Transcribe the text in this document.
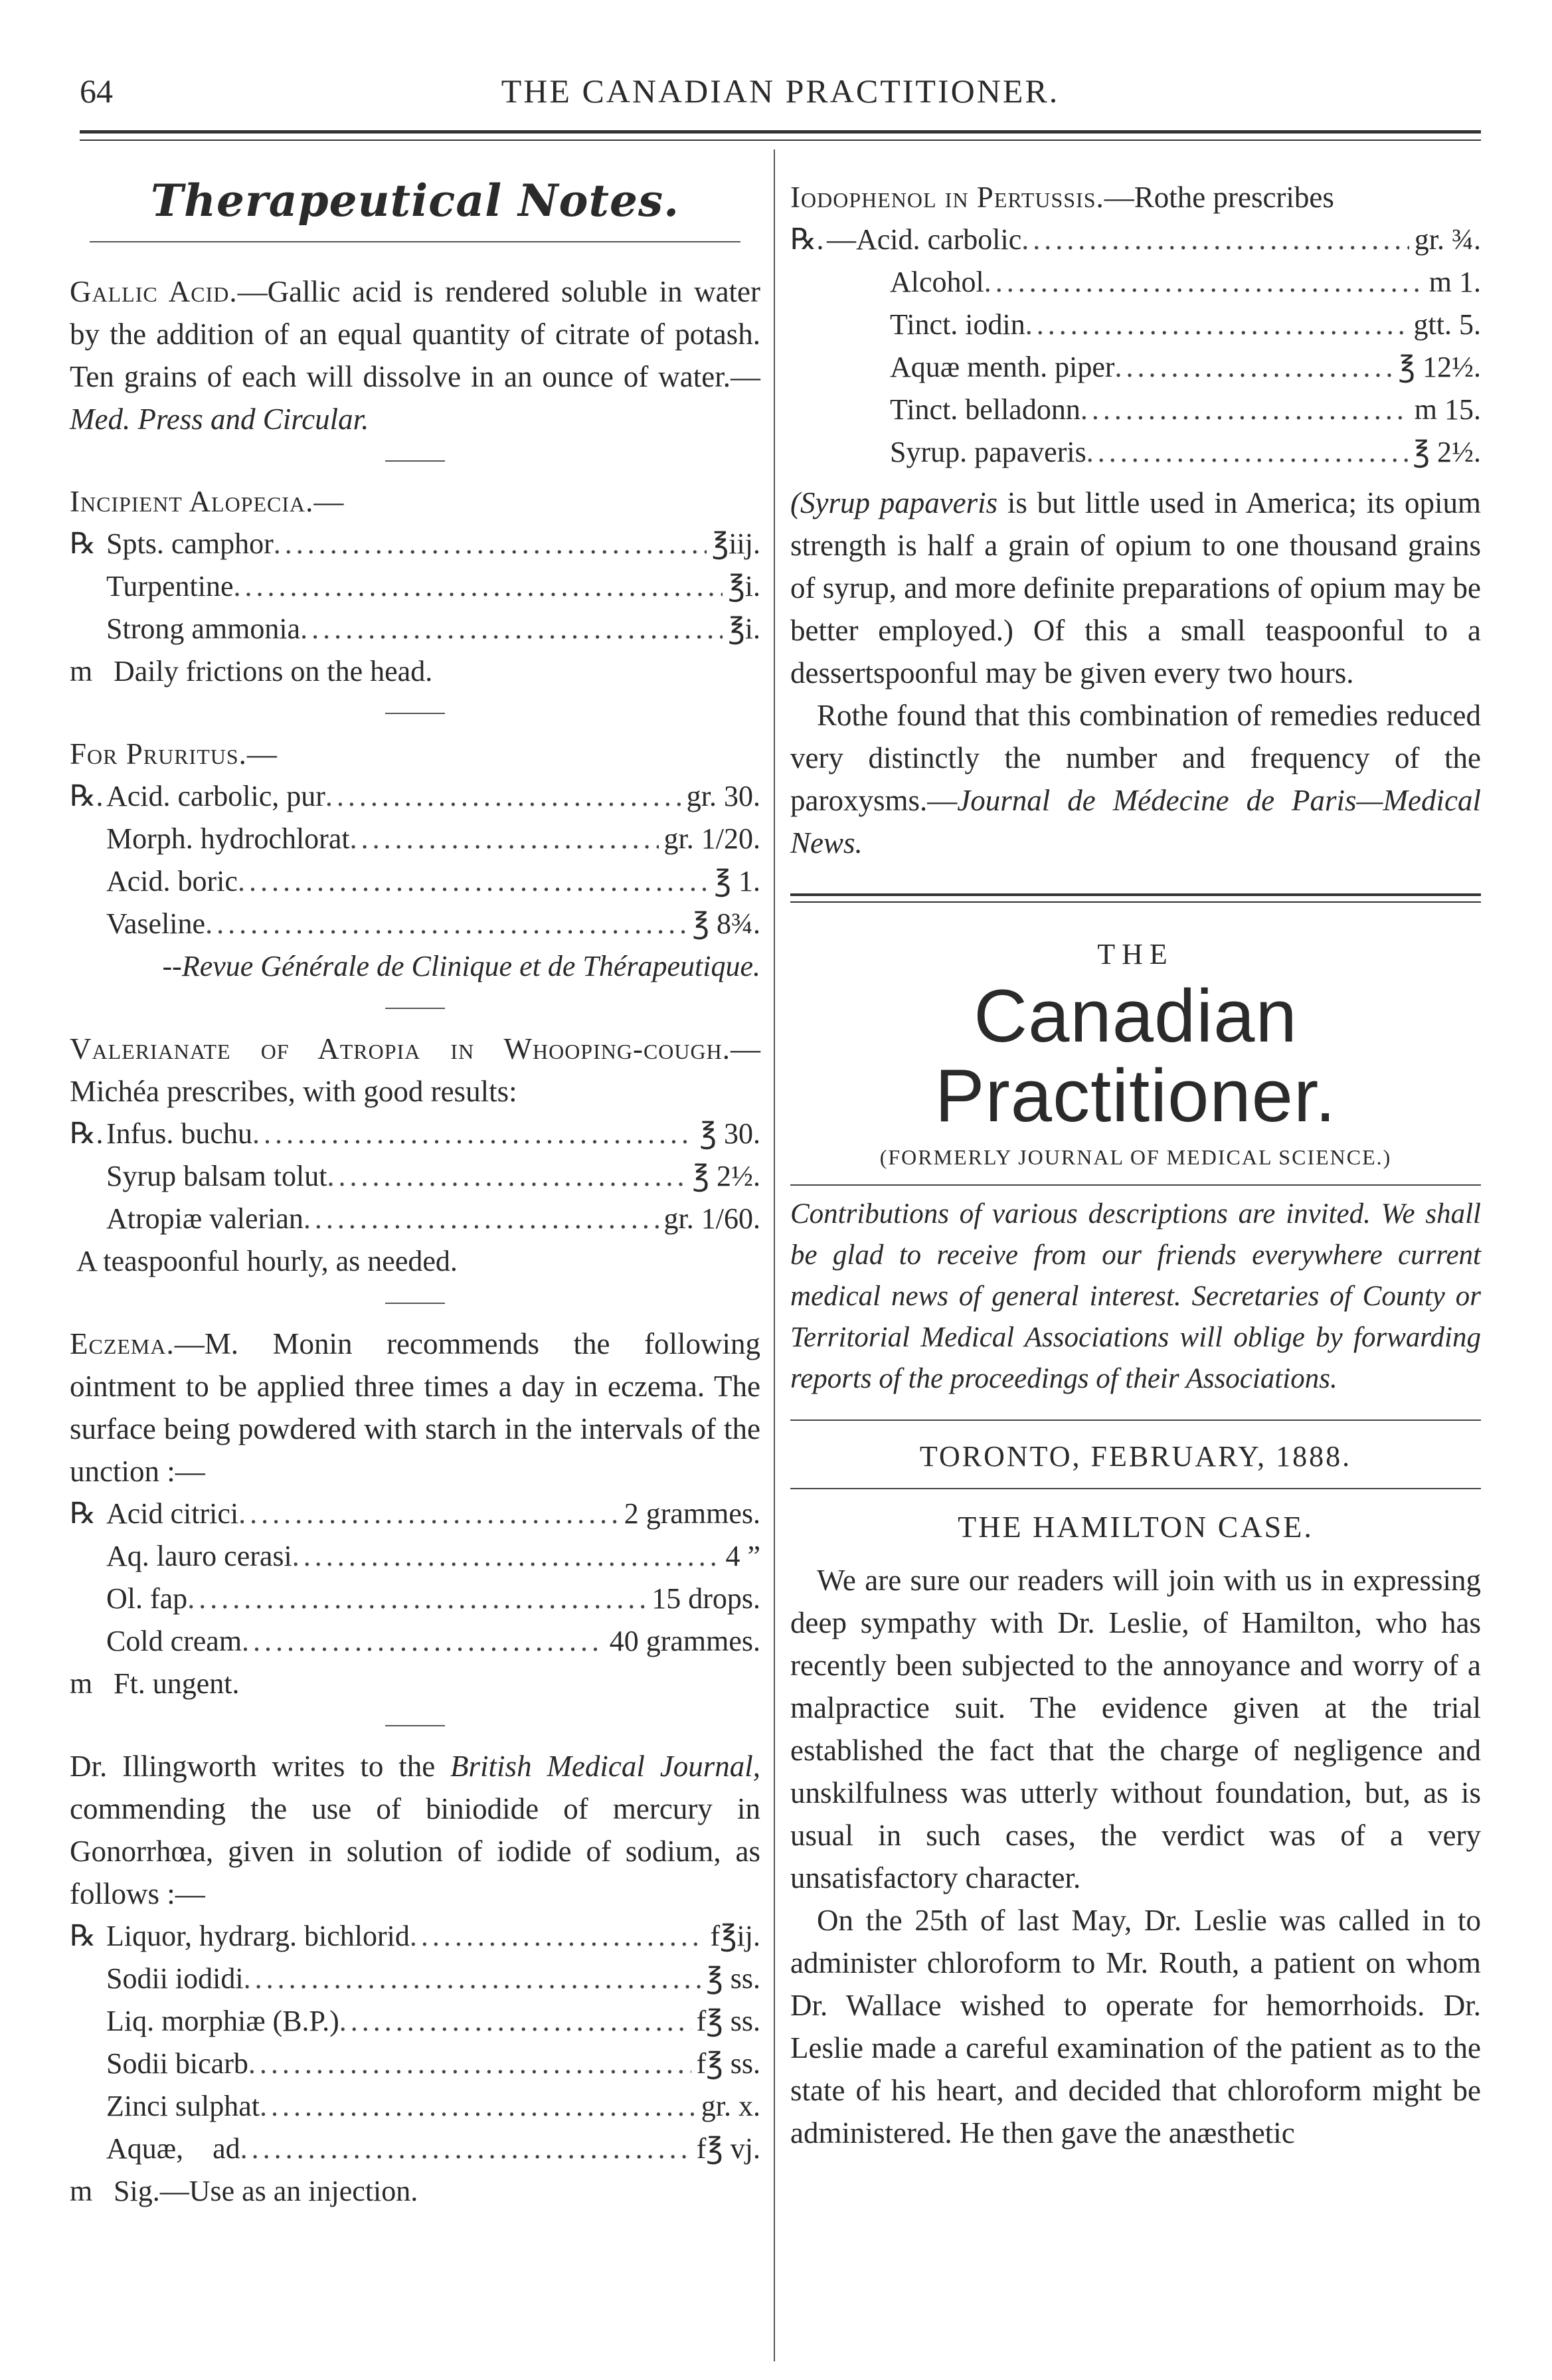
64	THE CANADIAN PRACTITIONER.
Therapeutical Notes.

Gallic Acid.—Gallic acid is rendered soluble in water by the addition of an equal quantity of citrate of potash. Ten grains of each will dissolve in an ounce of water.—Med. Press and Circular.

Incipient Alopecia.—

℞ Spts. camphor .....	℥iij.
Turpentine .....	℥i.
Strong ammonia .....	℥i.
m Daily frictions on the head.

For Pruritus.—

℞. Acid. carbolic, pur .....	gr. 30.
Morph. hydrochlorat .....	gr. 1/20.
Acid. boric .....	℥ 1.
Vaseline .....	℥ 8¾.
--Revue Générale de Clinique et de Thérapeutique.

Valerianate of Atropia in Whooping-cough.—Michéa prescribes, with good results:

℞. Infus. buchu .....	℥ 30.
Syrup balsam tolut .....	℥ 2½.
Atropiæ valerian .....	gr. 1/60.
A teaspoonful hourly, as needed.

Eczema.—M. Monin recommends the following ointment to be applied three times a day in eczema. The surface being powdered with starch in the intervals of the unction :—

℞ Acid citrici .....	2 grammes.
Aq. lauro cerasi .....	4 ”
Ol. fap .....	15 drops.
Cold cream .....	40 grammes.
m Ft. ungent.

Dr. Illingworth writes to the British Medical Journal, commending the use of biniodide of mercury in Gonorrhœa, given in solution of iodide of sodium, as follows :—

℞ Liquor, hydrarg. bichlorid .....	f℥ij.
Sodii iodidi .....	℥ ss.
Liq. morphiæ (B.P.) .....	f℥ ss.
Sodii bicarb .....	f℥ ss.
Zinci sulphat .....	gr. x.
Aquæ,    ad .....	f℥ vj.
m Sig.—Use as an injection.

Iodophenol in Pertussis.—Rothe prescribes

℞. —Acid. carbolic .....	gr. ¾.
Alcohol .....	m 1.
Tinct. iodin .....	gtt. 5.
Aquæ menth. piper .....	℥ 12½.
Tinct. belladonn .....	m 15.
Syrup. papaveris .....	℥ 2½.

(Syrup papaveris is but little used in America; its opium strength is half a grain of opium to one thousand grains of syrup, and more definite preparations of opium may be better employed.) Of this a small teaspoonful to a dessertspoonful may be given every two hours.

Rothe found that this combination of remedies reduced very distinctly the number and frequency of the paroxysms.—Journal de Médecine de Paris—Medical News.

THE
Canadian Practitioner.
(FORMERLY JOURNAL OF MEDICAL SCIENCE.)
Contributions of various descriptions are invited. We shall be glad to receive from our friends everywhere current medical news of general interest. Secretaries of County or Territorial Medical Associations will oblige by forwarding reports of the proceedings of their Associations.
TORONTO, FEBRUARY, 1888.
THE HAMILTON CASE.

We are sure our readers will join with us in expressing deep sympathy with Dr. Leslie, of Hamilton, who has recently been subjected to the annoyance and worry of a malpractice suit. The evidence given at the trial established the fact that the charge of negligence and unskilfulness was utterly without foundation, but, as is usual in such cases, the verdict was of a very unsatisfactory character.

On the 25th of last May, Dr. Leslie was called in to administer chloroform to Mr. Routh, a patient on whom Dr. Wallace wished to operate for hemorrhoids. Dr. Leslie made a careful examination of the patient as to the state of his heart, and decided that chloroform might be administered. He then gave the anæsthetic
